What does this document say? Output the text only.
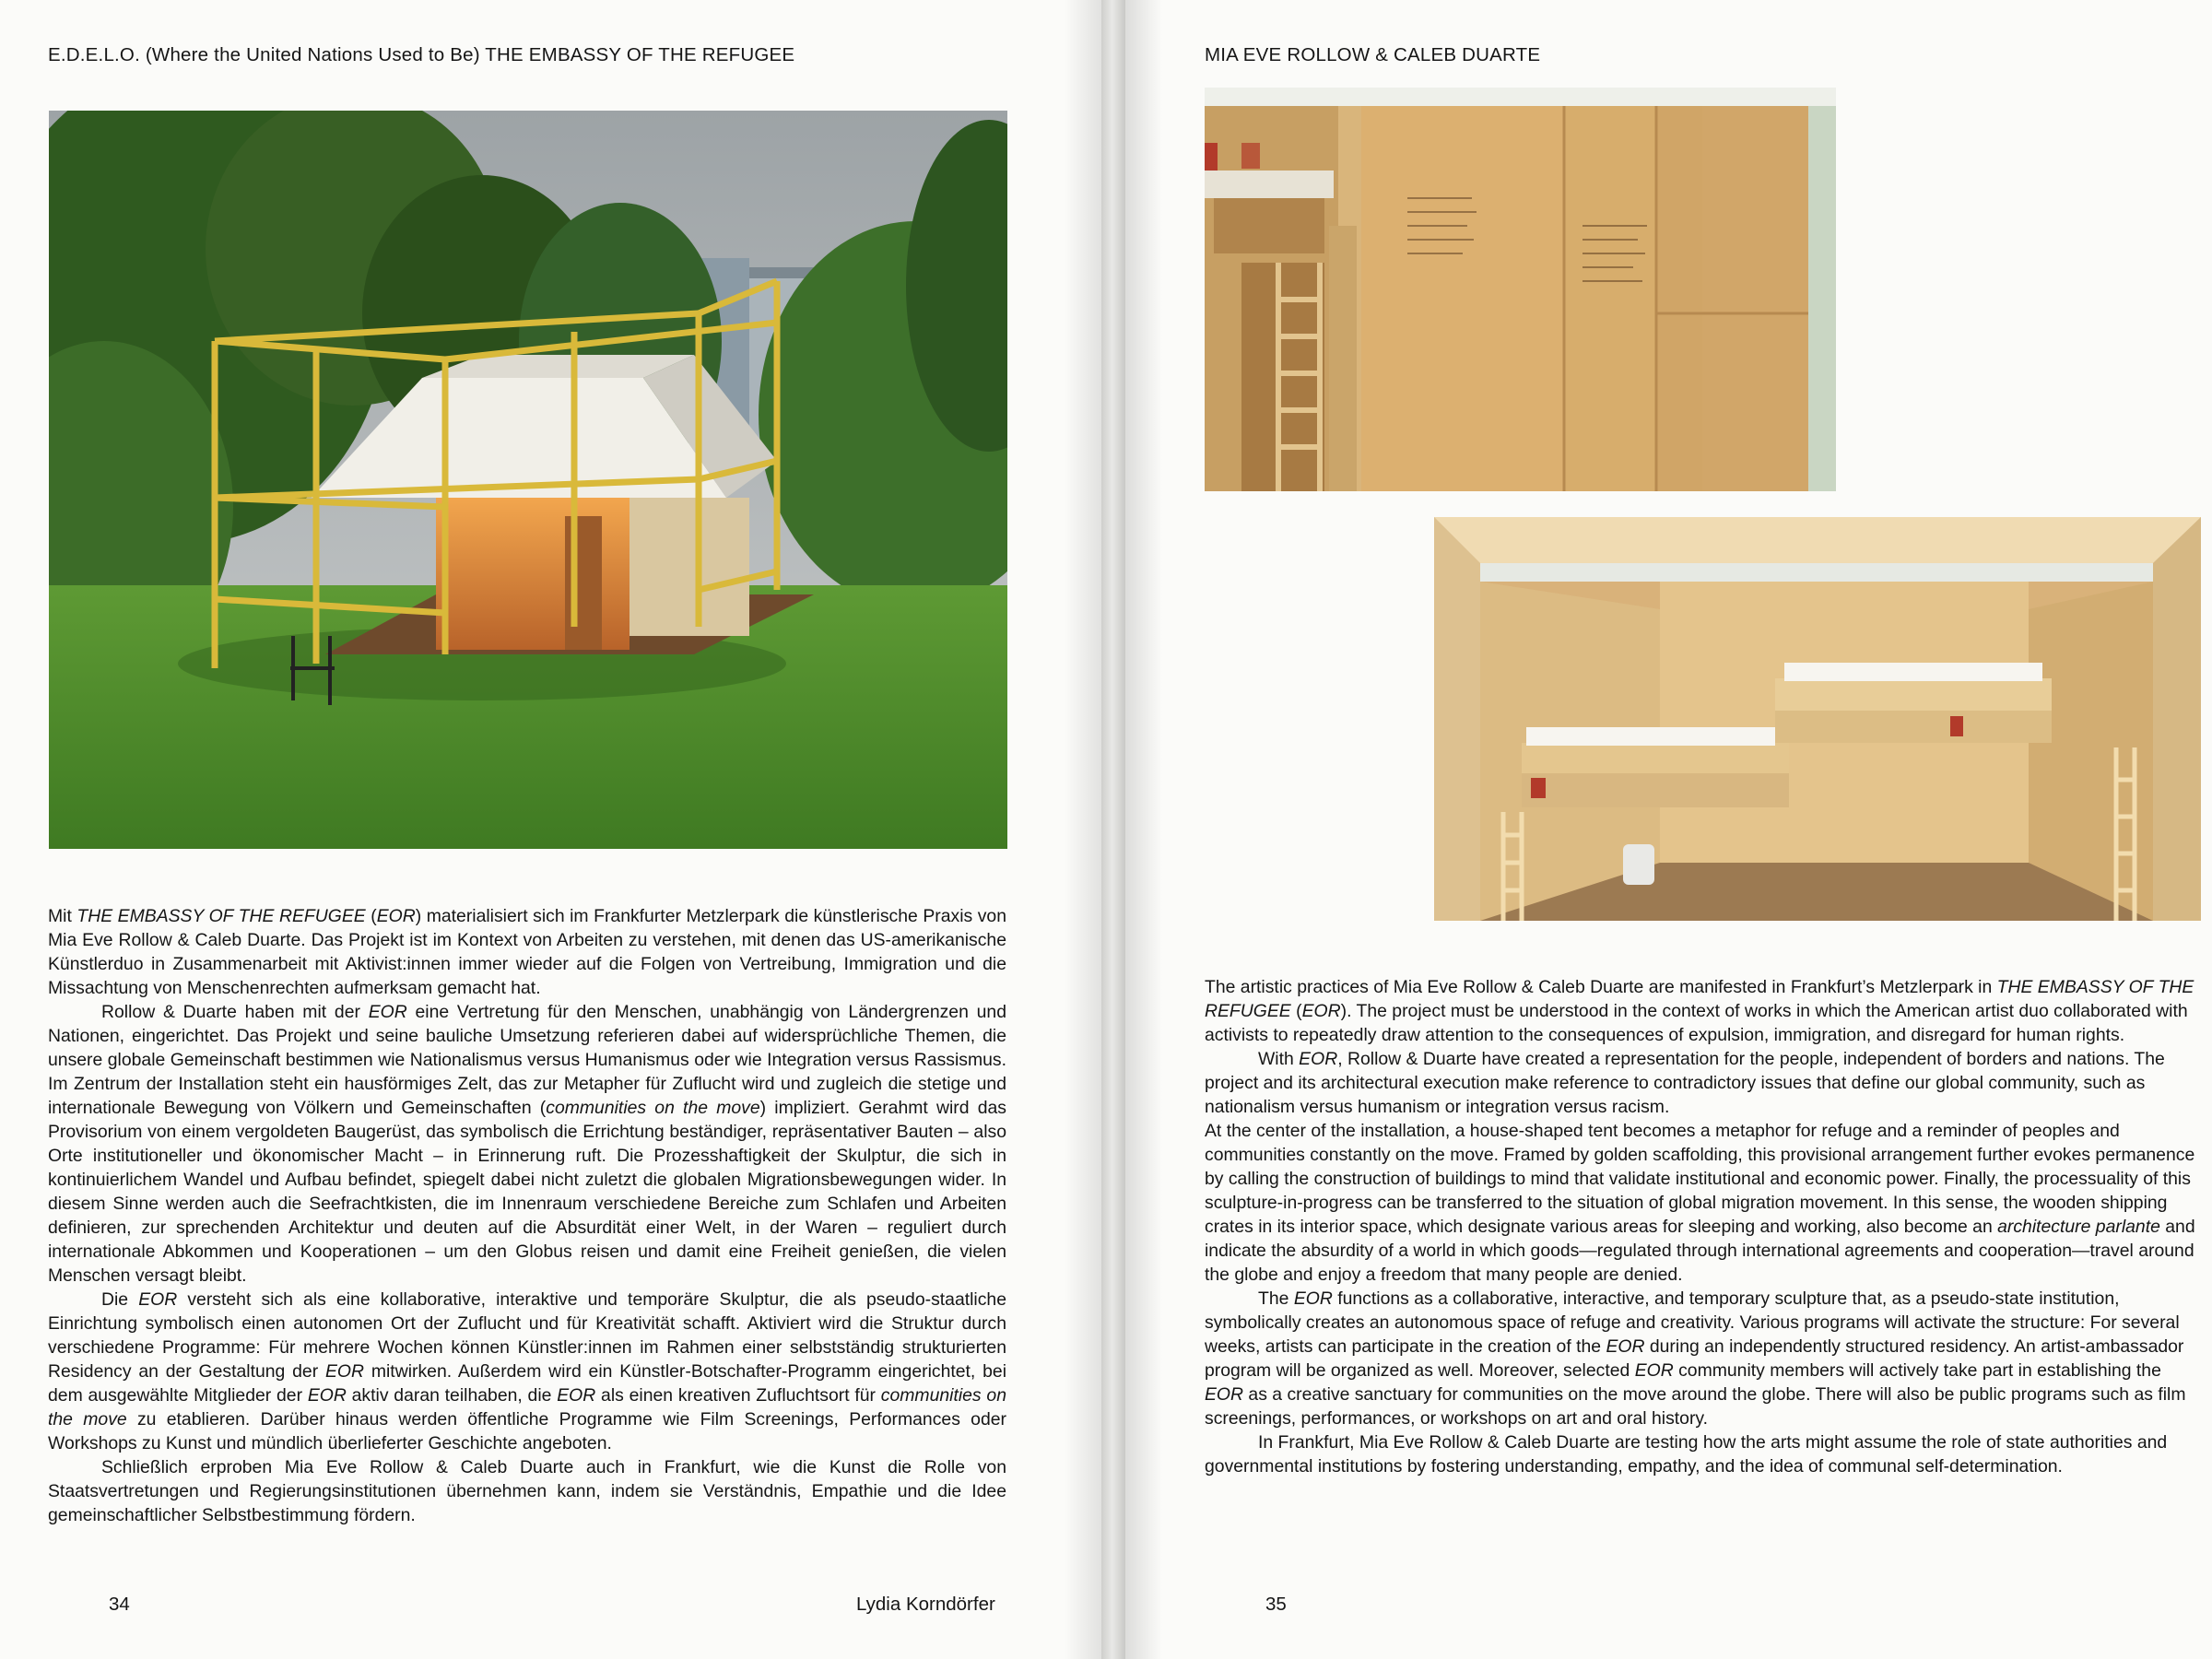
E.D.E.L.O. (Where the United Nations Used to Be) THE EMBASSY OF THE REFUGEE

Mit THE EMBASSY OF THE REFUGEE (EOR) materialisiert sich im Frankfurter Metzlerpark die künstlerische Praxis von Mia Eve Rollow & Caleb Duarte. Das Projekt ist im Kontext von Arbeiten zu verstehen, mit denen das US-amerikanische Künstlerduo in Zusammenarbeit mit Aktivist:innen immer wieder auf die Folgen von Vertreibung, Immigration und die Missachtung von Menschenrechten aufmerksam gemacht hat.

Rollow & Duarte haben mit der EOR eine Vertretung für den Menschen, unabhängig von Ländergrenzen und Nationen, eingerichtet. Das Projekt und seine bauliche Umsetzung referieren dabei auf widersprüchliche Themen, die unsere globale Gemeinschaft bestimmen wie Nationalismus versus Humanismus oder wie Integration versus Rassismus. Im Zentrum der Installation steht ein hausförmiges Zelt, das zur Metapher für Zuflucht wird und zugleich die stetige und internationale Bewegung von Völkern und Gemeinschaften (communities on the move) impliziert. Gerahmt wird das Provisorium von einem vergoldeten Baugerüst, das symbolisch die Errichtung beständiger, repräsentativer Bauten – also Orte institutioneller und ökonomischer Macht – in Erinnerung ruft. Die Prozesshaftigkeit der Skulptur, die sich in kontinuierlichem Wandel und Aufbau befindet, spiegelt dabei nicht zuletzt die globalen Migrationsbewegungen wider. In diesem Sinne werden auch die Seefrachtkisten, die im Innenraum verschiedene Bereiche zum Schlafen und Arbeiten definieren, zur sprechenden Architektur und deuten auf die Absurdität einer Welt, in der Waren – reguliert durch internationale Abkommen und Kooperationen – um den Globus reisen und damit eine Freiheit genießen, die vielen Menschen versagt bleibt.

Die EOR versteht sich als eine kollaborative, interaktive und temporäre Skulptur, die als pseudo-staatliche Einrichtung symbolisch einen autonomen Ort der Zuflucht und für Kreativität schafft. Aktiviert wird die Struktur durch verschiedene Programme: Für mehrere Wochen können Künstler:innen im Rahmen einer selbstständig strukturierten Residency an der Gestaltung der EOR mitwirken. Außerdem wird ein Künstler-Botschafter-Programm eingerichtet, bei dem ausgewählte Mitglieder der EOR aktiv daran teilhaben, die EOR als einen kreativen Zufluchtsort für communities on the move zu etablieren. Darüber hinaus werden öffentliche Programme wie Film Screenings, Performances oder Workshops zu Kunst und mündlich überlieferter Geschichte angeboten.

Schließlich erproben Mia Eve Rollow & Caleb Duarte auch in Frankfurt, wie die Kunst die Rolle von Staatsvertretungen und Regierungsinstitutionen übernehmen kann, indem sie Verständnis, Empathie und die Idee gemeinschaftlicher Selbstbestimmung fördern.

34	Lydia Korndörfer
MIA EVE ROLLOW & CALEB DUARTE

The artistic practices of Mia Eve Rollow & Caleb Duarte are manifested in Frankfurt’s Metzlerpark in THE EMBASSY OF THE REFUGEE (EOR). The project must be understood in the context of works in which the American artist duo collaborated with activists to repeatedly draw attention to the consequences of expulsion, immigration, and disregard for human rights.

With EOR, Rollow & Duarte have created a representation for the people, independent of borders and nations. The project and its architectural execution make reference to contradictory issues that define our global community, such as nationalism versus humanism or integration versus racism.

At the center of the installation, a house-shaped tent becomes a metaphor for refuge and a reminder of peoples and communities constantly on the move. Framed by golden scaffolding, this provisional arrangement further evokes permanence by calling the construction of buildings to mind that validate institutional and economic power. Finally, the processuality of this sculpture-in-progress can be transferred to the situation of global migration movement. In this sense, the wooden shipping crates in its interior space, which designate various areas for sleeping and working, also become an architecture parlante and indicate the absurdity of a world in which goods—regulated through international agreements and cooperation—travel around the globe and enjoy a freedom that many people are denied.

The EOR functions as a collaborative, interactive, and temporary sculpture that, as a pseudo-state institution, symbolically creates an autonomous space of refuge and creativity. Various programs will activate the structure: For several weeks, artists can participate in the creation of the EOR during an independently structured residency. An artist-ambassador program will be organized as well. Moreover, selected EOR community members will actively take part in establishing the EOR as a creative sanctuary for communities on the move around the globe. There will also be public programs such as film screenings, performances, or workshops on art and oral history.

In Frankfurt, Mia Eve Rollow & Caleb Duarte are testing how the arts might assume the role of state authorities and governmental institutions by fostering understanding, empathy, and the idea of communal self-determination.

35
